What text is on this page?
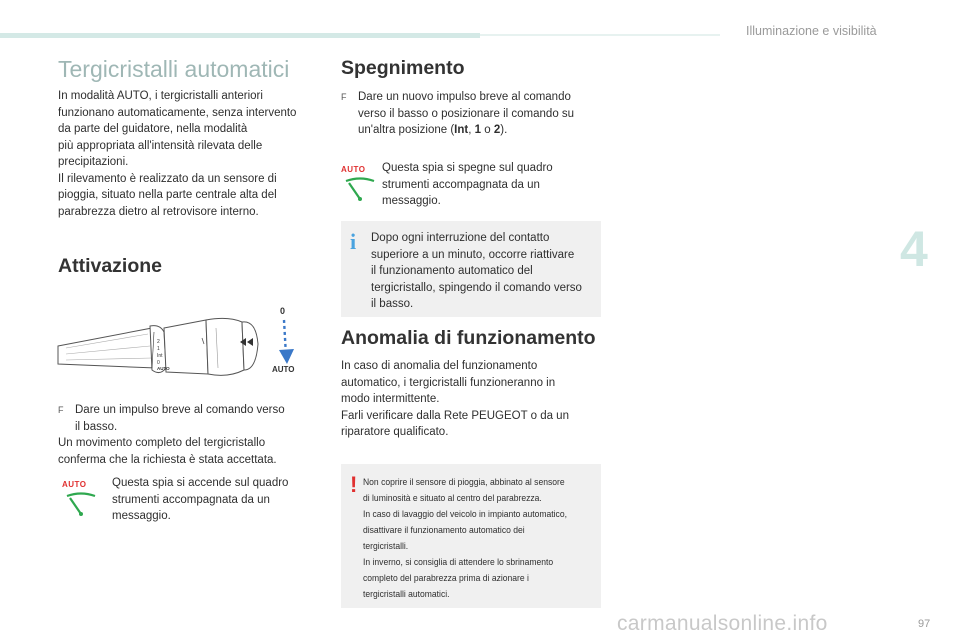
Illuminazione e visibilità
4
Tergicristalli automatici
In modalità AUTO, i tergicristalli anteriori
funzionano automaticamente, senza intervento
da parte del guidatore, nella modalità
più appropriata all'intensità rilevata delle
precipitazioni.
Il rilevamento è realizzato da un sensore di
pioggia, situato nella parte centrale alta del
parabrezza dietro al retrovisore interno.
Attivazione
2
1
Int
0
AUTO
0
AUTO
F Dare un impulso breve al comando verso
il basso.
Un movimento completo del tergicristallo
conferma che la richiesta è stata accettata.
AUTO Questa spia si accende sul quadro
strumenti accompagnata da un
messaggio.
Spegnimento
F Dare un nuovo impulso breve al comando
verso il basso o posizionare il comando su
un'altra posizione (Int, 1 o 2).
AUTO Questa spia si spegne sul quadro
strumenti accompagnata da un
messaggio.
i Dopo ogni interruzione del contatto
superiore a un minuto, occorre riattivare
il funzionamento automatico del
tergicristallo, spingendo il comando verso
il basso.
Anomalia di funzionamento
In caso di anomalia del funzionamento
automatico, i tergicristalli funzioneranno in
modo intermittente.
Farli verificare dalla Rete PEUGEOT o da un
riparatore qualificato.
! Non coprire il sensore di pioggia, abbinato al sensore
di luminosità e situato al centro del parabrezza.
In caso di lavaggio del veicolo in impianto automatico,
disattivare il funzionamento automatico dei
tergicristalli.
In inverno, si consiglia di attendere lo sbrinamento
completo del parabrezza prima di azionare i
tergicristalli automatici.
carmanualsonline.info	97
